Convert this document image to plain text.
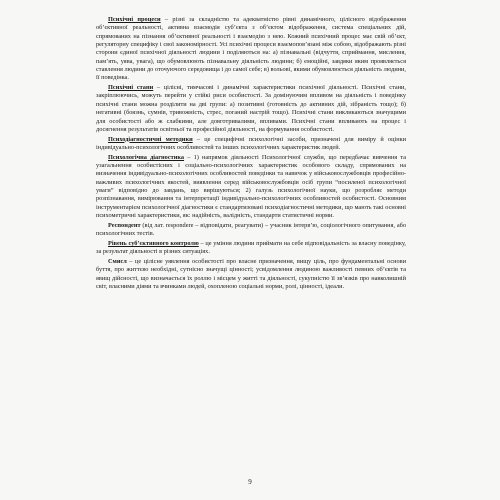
Психічні процеси – різні за складністю та адекватністю рівні динамічного, цілісного відображення об’єктивної реальності, активна взаємодія суб’єкта з об’єктом відображення, система спеціальних дій, спрямованих на пізнання об’єктивної реальності і взаємодію з нею. Кожний психічний процес має свій об’єкт, регуляторну специфіку і свої закономірності. Усі психічні процеси взаємопов’язані між собою, відображають різні сторони єдиної психічної діяльності людини і поділяються на: а) пізнавальні (відчуття, сприймання, мислення, пам’ять, уява, увага), що обумовлюють пізнавальну діяльність людини; б) емоційні, завдяки яким проявляється ставлення людини до оточуючого середовища і до самої себе; в) вольові, якими обумовлюється діяльність людини, її поведінка.

Психічні стани – цілісні, тимчасові і динамічні характеристики психічної діяльності. Психічні стани, закріплюючись, можуть перейти у стійкі риси особистості. За домінуючим впливом на діяльність і поведінку психічні стани можна розділити на дві групи: а) позитивні (готовність до активних дій, зібраність тощо); б) негативні (боязнь, сумнів, тривожність, стрес, поганий настрій тощо). Психічні стани викликаються значущими для особистості або ж слабкими, але довготривалими, впливами. Психічні стани впливають на процес і досягнення результатів освітньої та професійної діяльності, на формування особистості.

Психодіагностичні методики – це специфічні психологічні засоби, призначені для виміру й оцінки індивідуально-психологічних особливостей та інших психологічних характеристик людей.

Психологічна діагностика – 1) напрямок діяльності Психологічної служби, що передбачає вивчення та узагальнення особистісних і соціально-психологічних характеристик особового складу, спрямованих на визначення індивідуально-психологічних особливостей поведінки та навичок у військовослужбовців професійно-важливих психологічних якостей, виявлення серед військовослужбовців осіб групи “посиленої психологічної уваги” відповідно до завдань, що вирішуються; 2) галузь психологічної науки, що розробляє методи розпізнавання, вимірювання та інтерпретації індивідуально-психологічних особливостей особистості. Основним інструментарієм психологічної діагностики є стандартизовані психодіагностичні методики, що мають такі основні психометричні характеристики, як: надійність, валідність, стандарти статистичні норми.

Респондент (від лат. respondere – відповідати, реагувати) – учасник інтерв’ю, соціологічного опитування, або психологічних тестів.

Рівень суб’єктивного контролю – це уміння людини приймати на себе відповідальність за власну поведінку, за результат діяльності в різних ситуаціях.

Смисл – це цілісне уявлення особистості про власне призначення, вищу ціль, про фундаментальні основи буття, про життєво необхідні, сутнісно значущі цінності; усвідомлення людиною важливості певних об’єктів та явищ дійсності, що визначається їх роллю і місцем у житті та діяльності, сукупністю її зв’язків про навколишній світ, власними діями та вчинками людей, охопленою соціальні норми, ролі, цінності, ідеали.

9
